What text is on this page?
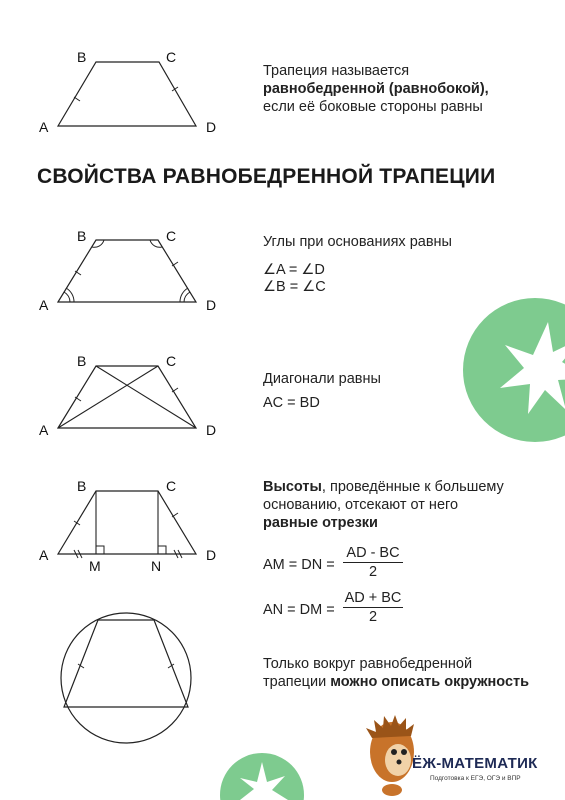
B	C
A	D
Трапеция называется
равнобедренной (равнобокой),
если её боковые стороны равны
СВОЙСТВА РАВНОБЕДРЕННОЙ ТРАПЕЦИИ
B	C
A	D
Углы при основаниях равны
∠A = ∠D
∠B = ∠C
B	C
A	D
Диагонали равны
AC = BD
B	C
A	D
M	N
Высоты, проведённые к большему
основанию, отсекают от него
равные отрезки
AM = DN =
AD - BC
2
AN = DM =
AD + BC
2
Только вокруг равнобедренной
трапеции можно описать окружность
ЁЖ-МАТЕМАТИК
Подготовка к ЕГЭ, ОГЭ и ВПР
